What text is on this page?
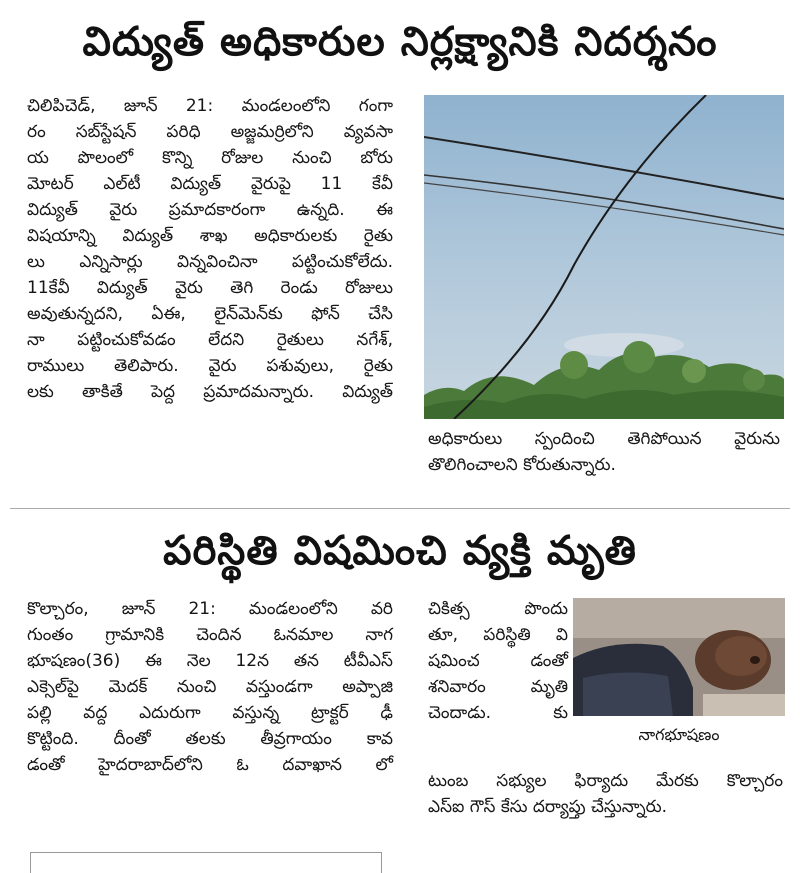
విద్యుత్‌ అధికారుల నిర్లక్ష్యానికి నిదర్శనం
చిలిపిచెడ్, జూన్ 21: మండలంలోని గంగా
రం సబ్‌స్టేషన్ పరిధి అజ్జమర్రిలోని వ్యవసా
య పొలంలో కొన్ని రోజుల నుంచి బోరు
మోటర్ ఎల్‌టీ విద్యుత్ వైరుపై 11 కేవీ
విద్యుత్ వైరు ప్రమాదకారంగా ఉన్నది. ఈ
విషయాన్ని విద్యుత్ శాఖ అధికారులకు రైతు
లు ఎన్నిసార్లు విన్నవించినా పట్టించుకోలేదు.
11కేవీ విద్యుత్ వైరు తెగి రెండు రోజులు
అవుతున్నదని, ఏఈ, లైన్‌మెన్‌కు ఫోన్ చేసి
నా పట్టించుకోవడం లేదని రైతులు నగేశ్,
రాములు తెలిపారు. వైరు పశువులు, రైతు
లకు తాకితే పెద్ద ప్రమాదమన్నారు. విద్యుత్
అధికారులు స్పందించి తెగిపోయిన వైరును
తొలిగించాలని కోరుతున్నారు.
పరిస్థితి విషమించి వ్యక్తి మృతి
కొల్చారం, జూన్ 21: మండలంలోని వరి
గుంతం గ్రామానికి చెందిన ఓనమాల నాగ
భూషణం(36) ఈ నెల 12న తన టీవీఎస్
ఎక్సెల్‌పై మెదక్ నుంచి వస్తుండగా అప్పాజి
పల్లి వద్ద ఎదురుగా వస్తున్న ట్రాక్టర్ ఢీ
కొట్టింది. దీంతో తలకు తీవ్రగాయం కావ
డంతో హైదరాబాద్‌లోని ఓ దవాఖాన లో
చికిత్స పొందు
తూ, పరిస్థితి వి
షమించ డంతో
శనివారం మృతి
చెందాడు. కు
నాగభూషణం
టుంబ సభ్యుల ఫిర్యాదు మేరకు కొల్చారం
ఎస్ఐ గౌస్ కేసు దర్యాప్తు చేస్తున్నారు.
